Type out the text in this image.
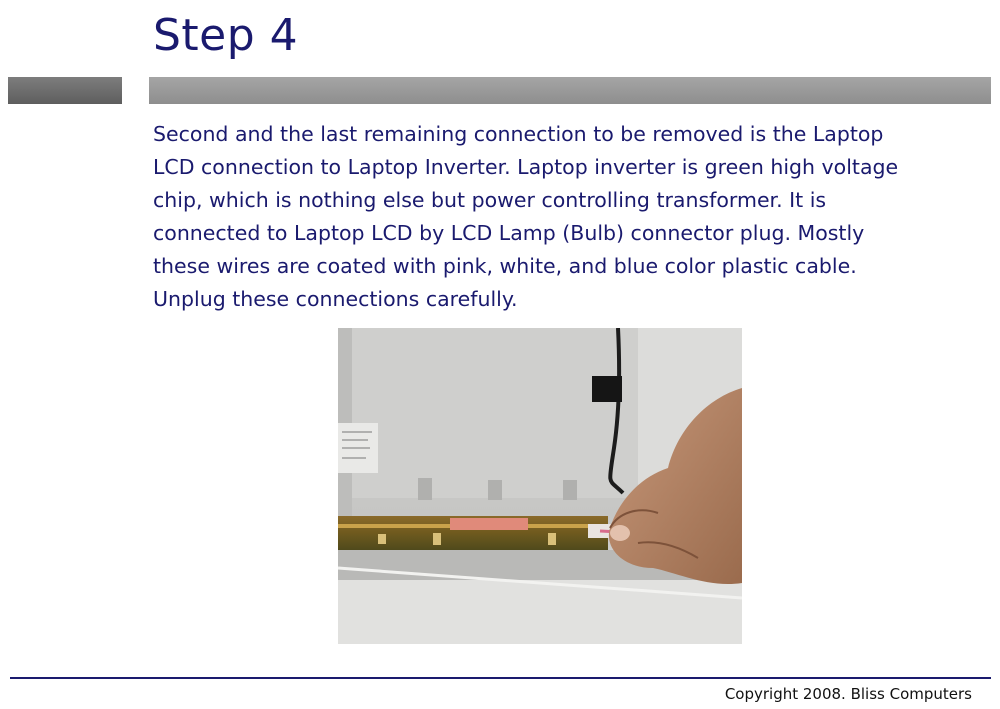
Step 4
Second and the last remaining connection to be removed is the Laptop
LCD connection to Laptop Inverter. Laptop inverter is green high voltage
chip, which is nothing else but power controlling transformer. It is
connected to Laptop LCD by LCD Lamp (Bulb) connector plug. Mostly
these wires are coated with pink, white, and blue color plastic cable.
Unplug these connections carefully.
Copyright 2008. Bliss Computers
